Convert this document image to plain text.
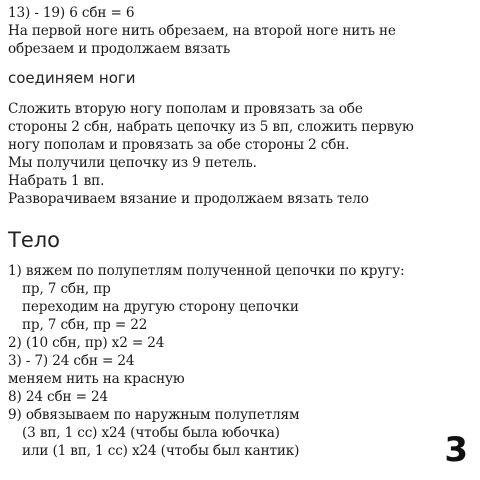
13) - 19) 6 сбн = 6
На первой ноге нить обрезаем, на второй ноге нить не
обрезаем и продолжаем вязать
соединяем ноги
Сложить вторую ногу пополам и провязать за обе
стороны 2 сбн, набрать цепочку из 5 вп, сложить первую
ногу пополам и провязать за обе стороны 2 сбн.
Мы получили цепочку из 9 петель.
Набрать 1 вп.
Разворачиваем вязание и продолжаем вязать тело
Тело
1) вяжем по полупетлям полученной цепочки по кругу:
пр, 7 сбн, пр
переходим на другую сторону цепочки
пр, 7 сбн, пр = 22
2) (10 сбн, пр) х2 = 24
3) - 7) 24 сбн = 24
меняем нить на красную
8) 24 сбн = 24
9) обвязываем по наружным полупетлям
(3 вп, 1 сс) х24 (чтобы была юбочка)
или (1 вп, 1 сс) х24 (чтобы был кантик)	3
